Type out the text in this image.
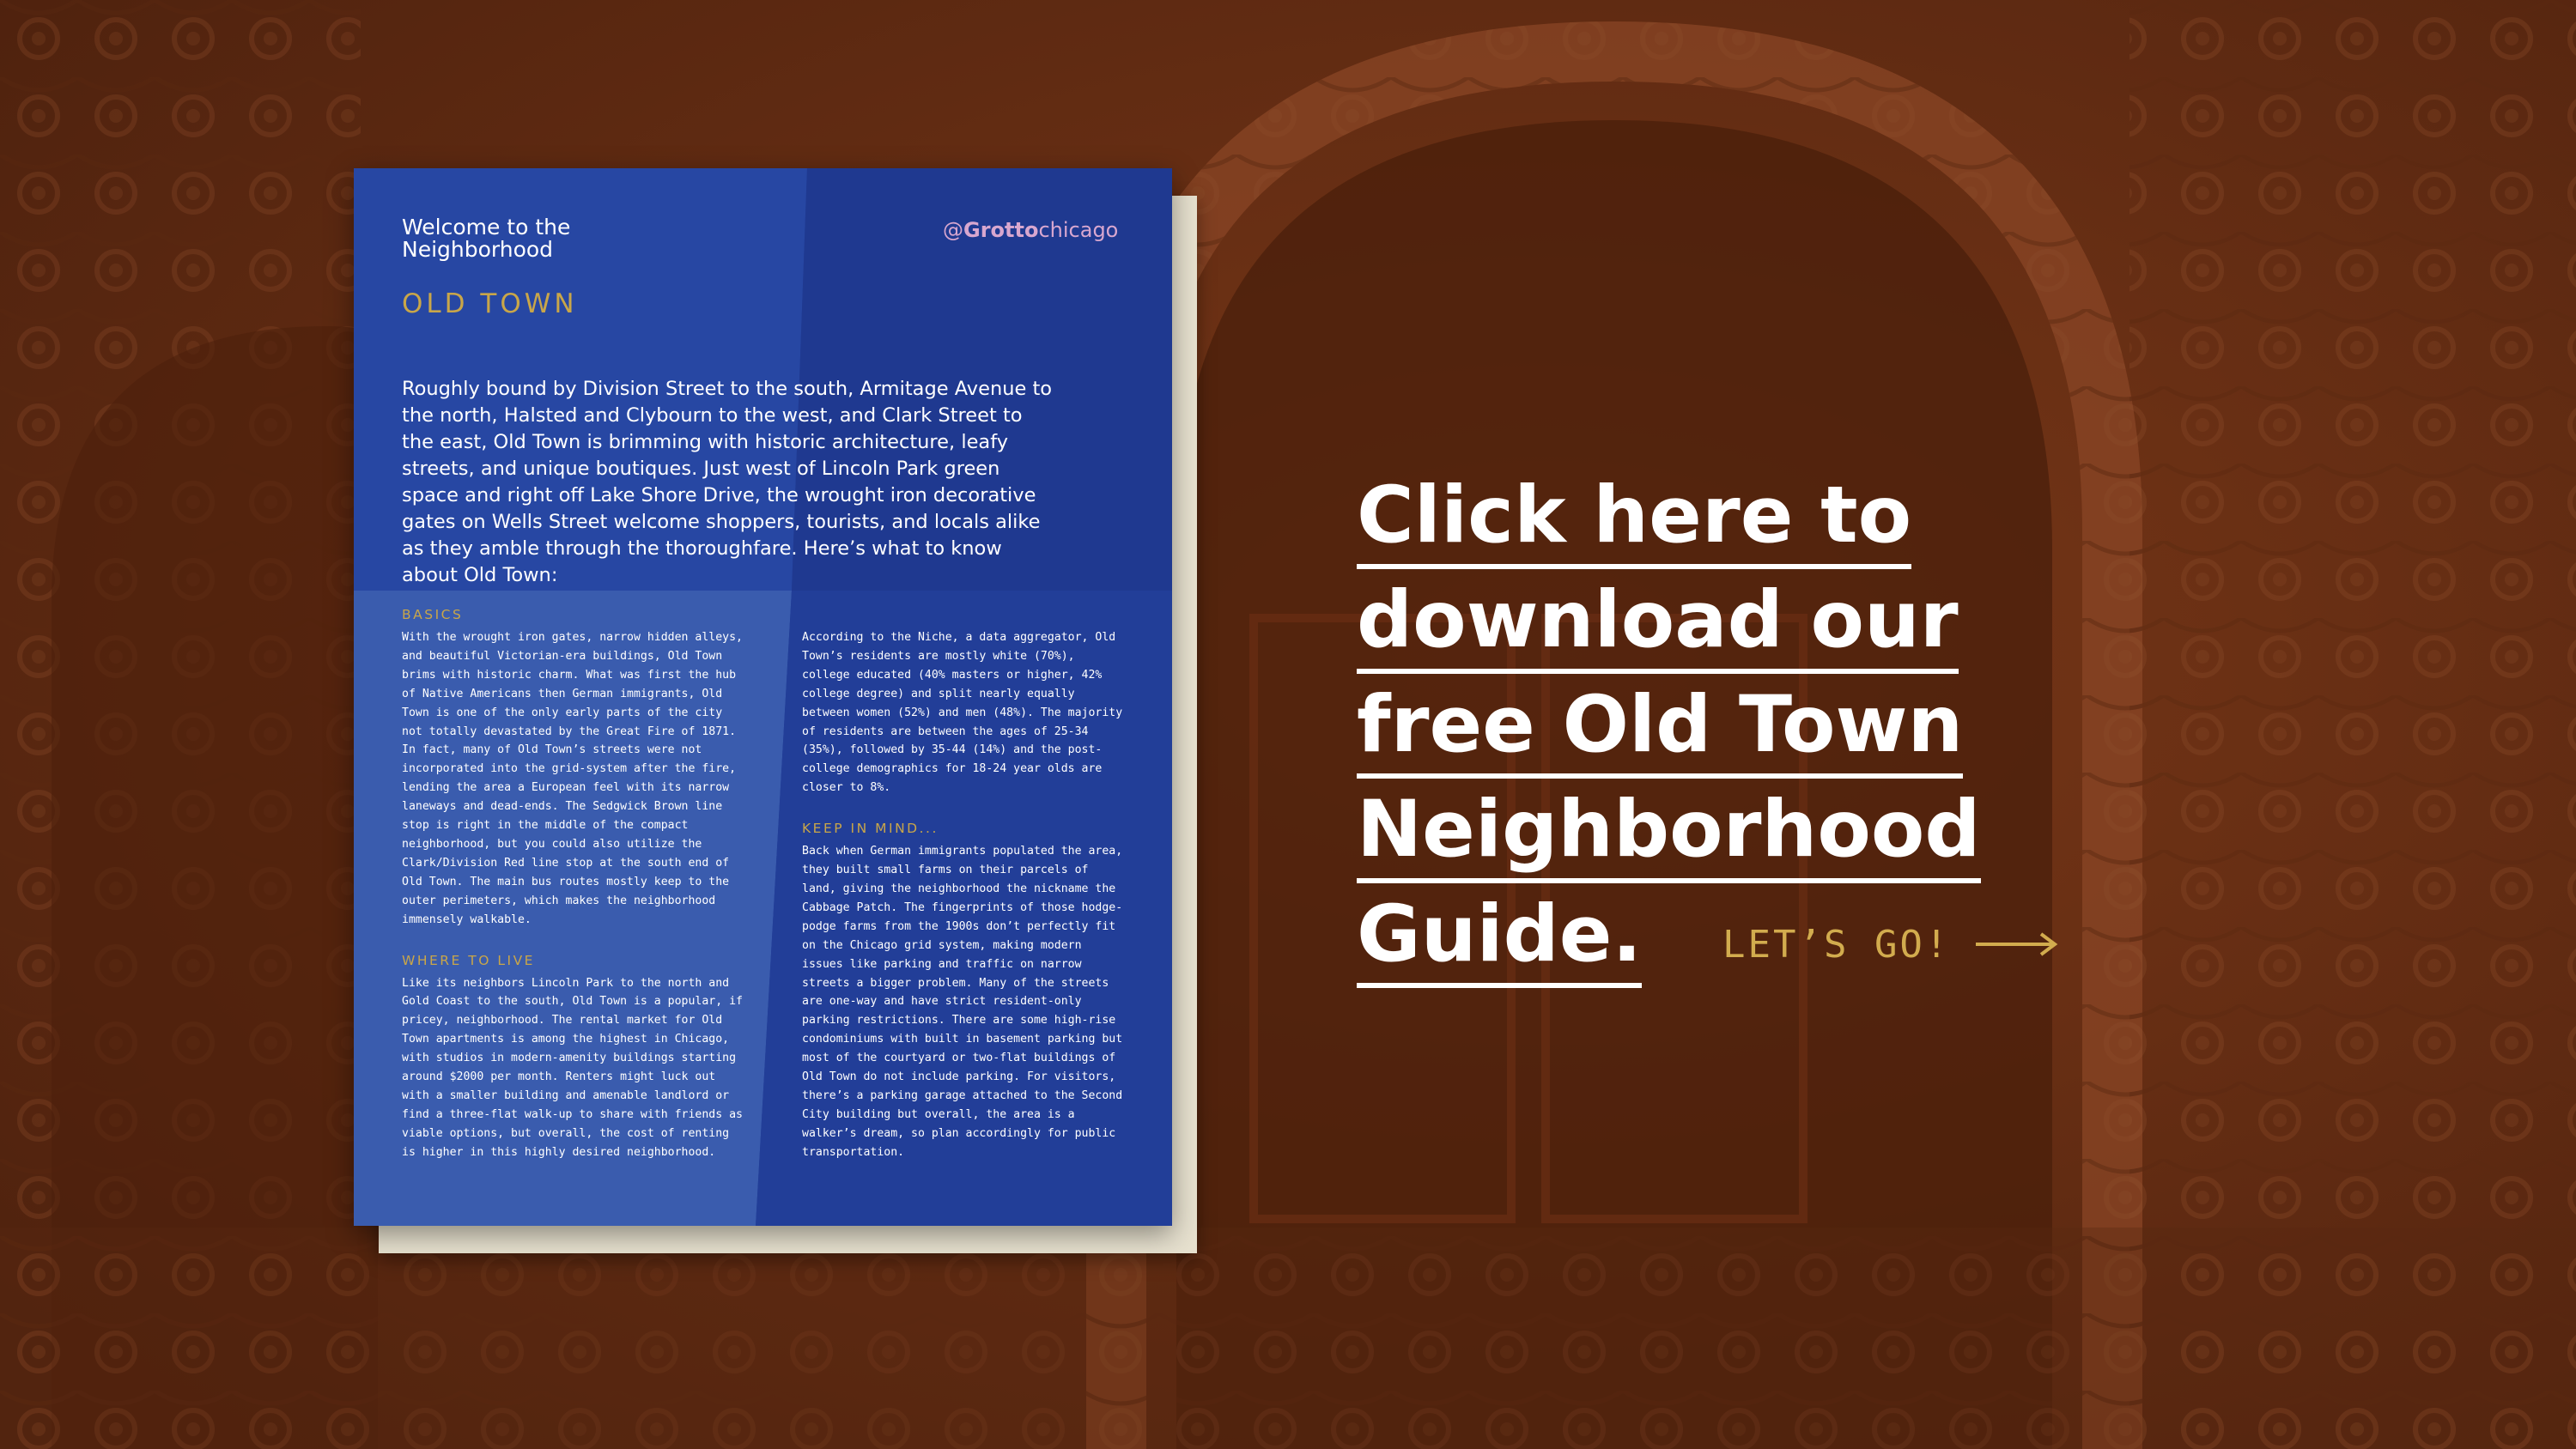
Welcome to the Neighborhood
@Grottochicago
OLD TOWN
Roughly bound by Division Street to the south, Armitage Avenue to the north, Halsted and Clybourn to the west, and Clark Street to the east, Old Town is brimming with historic architecture, leafy streets, and unique boutiques. Just west of Lincoln Park green space and right off Lake Shore Drive, the wrought iron decorative gates on Wells Street welcome shoppers, tourists, and locals alike as they amble through the thoroughfare. Here’s what to know about Old Town:
BASICS
With the wrought iron gates, narrow hidden alleys, and beautiful Victorian-era buildings, Old Town brims with historic charm. What was first the hub of Native Americans then German immigrants, Old Town is one of the only early parts of the city not totally devastated by the Great Fire of 1871. In fact, many of Old Town’s streets were not incorporated into the grid-system after the fire, lending the area a European feel with its narrow laneways and dead-ends. The Sedgwick Brown line stop is right in the middle of the compact neighborhood, but you could also utilize the Clark/Division Red line stop at the south end of Old Town. The main bus routes mostly keep to the outer perimeters, which makes the neighborhood immensely walkable.
WHERE TO LIVE
Like its neighbors Lincoln Park to the north and Gold Coast to the south, Old Town is a popular, if pricey, neighborhood. The rental market for Old Town apartments is among the highest in Chicago, with studios in modern-amenity buildings starting around $2000 per month. Renters might luck out with a smaller building and amenable landlord or find a three-flat walk-up to share with friends as viable options, but overall, the cost of renting is higher in this highly desired neighborhood.
According to the Niche, a data aggregator, Old Town’s residents are mostly white (70%), college educated (40% masters or higher, 42% college degree) and split nearly equally between women (52%) and men (48%). The majority of residents are between the ages of 25-34 (35%), followed by 35-44 (14%) and the post-college demographics for 18-24 year olds are closer to 8%.
KEEP IN MIND...
Back when German immigrants populated the area, they built small farms on their parcels of land, giving the neighborhood the nickname the Cabbage Patch. The fingerprints of those hodge-podge farms from the 1900s don’t perfectly fit on the Chicago grid system, making modern issues like parking and traffic on narrow streets a bigger problem. Many of the streets are one-way and have strict resident-only parking restrictions. There are some high-rise condominiums with built in basement parking but most of the courtyard or two-flat buildings of Old Town do not include parking. For visitors, there’s a parking garage attached to the Second City building but overall, the area is a walker’s dream, so plan accordingly for public transportation.
Click here to
download our
free Old Town
Neighborhood
Guide.	LET’S GO!
